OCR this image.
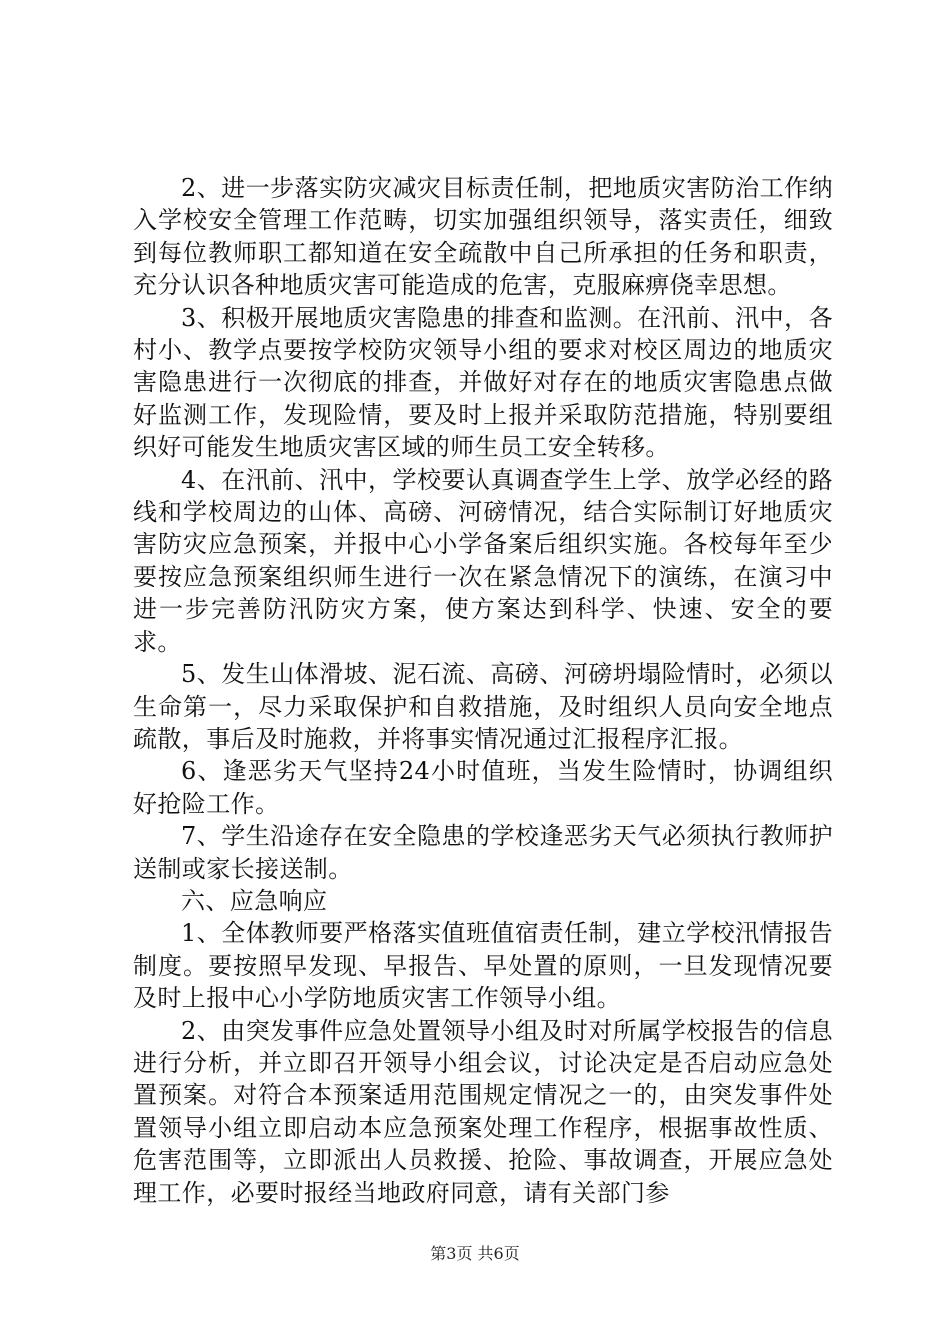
2、进一步落实防灾减灾目标责任制，把地质灾害防治工作纳入学校安全管理工作范畴，切实加强组织领导，落实责任，细致到每位教师职工都知道在安全疏散中自己所承担的任务和职责，充分认识各种地质灾害可能造成的危害，克服麻痹侥幸思想。

3、积极开展地质灾害隐患的排查和监测。在汛前、汛中，各村小、教学点要按学校防灾领导小组的要求对校区周边的地质灾害隐患进行一次彻底的排查，并做好对存在的地质灾害隐患点做好监测工作，发现险情，要及时上报并采取防范措施，特别要组织好可能发生地质灾害区域的师生员工安全转移。

4、在汛前、汛中，学校要认真调查学生上学、放学必经的路线和学校周边的山体、高磅、河磅情况，结合实际制订好地质灾害防灾应急预案，并报中心小学备案后组织实施。各校每年至少要按应急预案组织师生进行一次在紧急情况下的演练，在演习中进一步完善防汛防灾方案，使方案达到科学、快速、安全的要求。

5、发生山体滑坡、泥石流、高磅、河磅坍塌险情时，必须以生命第一，尽力采取保护和自救措施，及时组织人员向安全地点疏散，事后及时施救，并将事实情况通过汇报程序汇报。

6、逢恶劣天气坚持24小时值班，当发生险情时，协调组织好抢险工作。

7、学生沿途存在安全隐患的学校逢恶劣天气必须执行教师护送制或家长接送制。

六、应急响应

1、全体教师要严格落实值班值宿责任制，建立学校汛情报告制度。要按照早发现、早报告、早处置的原则，一旦发现情况要及时上报中心小学防地质灾害工作领导小组。

2、由突发事件应急处置领导小组及时对所属学校报告的信息进行分析，并立即召开领导小组会议，讨论决定是否启动应急处置预案。对符合本预案适用范围规定情况之一的，由突发事件处置领导小组立即启动本应急预案处理工作程序，根据事故性质、危害范围等，立即派出人员救援、抢险、事故调查，开展应急处理工作，必要时报经当地政府同意，请有关部门参

第3页 共6页
